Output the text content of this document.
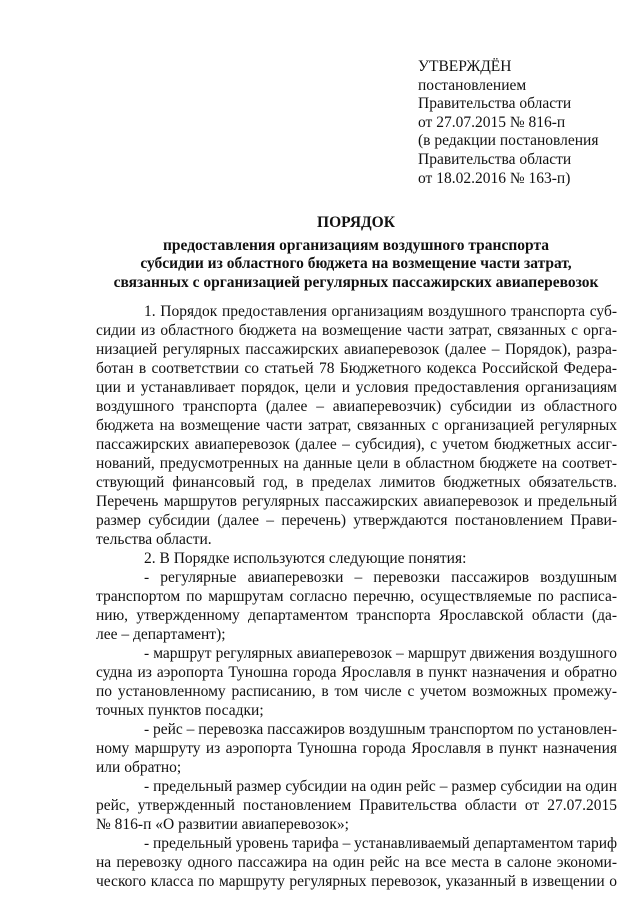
УТВЕРЖДЁН
постановлением
Правительства области
от 27.07.2015 № 816-п
(в редакции постановления
Правительства области
от 18.02.2016 № 163-п)
ПОРЯДОК
предоставления организациям воздушного транспорта
субсидии из областного бюджета на возмещение части затрат,
связанных с организацией регулярных пассажирских авиаперевозок
1. Порядок предоставления организациям воздушного транспорта суб-
сидии из областного бюджета на возмещение части затрат, связанных с орга-
низацией регулярных пассажирских авиаперевозок (далее – Порядок), разра-
ботан в соответствии со статьей 78 Бюджетного кодекса Российской Федера-
ции и устанавливает порядок, цели и условия предоставления организациям
воздушного транспорта (далее – авиаперевозчик) субсидии из областного
бюджета на возмещение части затрат, связанных с организацией регулярных
пассажирских авиаперевозок (далее – субсидия), с учетом бюджетных ассиг-
нований, предусмотренных на данные цели в областном бюджете на соответ-
ствующий финансовый год, в пределах лимитов бюджетных обязательств.
Перечень маршрутов регулярных пассажирских авиаперевозок и предельный
размер субсидии (далее – перечень) утверждаются постановлением Прави-
тельства области.
2. В Порядке используются следующие понятия:
- регулярные авиаперевозки – перевозки пассажиров воздушным
транспортом по маршрутам согласно перечню, осуществляемые по расписа-
нию, утвержденному департаментом транспорта Ярославской области (да-
лее – департамент);
- маршрут регулярных авиаперевозок – маршрут движения воздушного
судна из аэропорта Туношна города Ярославля в пункт назначения и обратно
по установленному расписанию, в том числе с учетом возможных промежу-
точных пунктов посадки;
- рейс – перевозка пассажиров воздушным транспортом по установлен-
ному маршруту из аэропорта Туношна города Ярославля в пункт назначения
или обратно;
- предельный размер субсидии на один рейс – размер субсидии на один
рейс, утвержденный постановлением Правительства области от 27.07.2015
№ 816-п «О развитии авиаперевозок»;
- предельный уровень тарифа – устанавливаемый департаментом тариф
на перевозку одного пассажира на один рейс на все места в салоне экономи-
ческого класса по маршруту регулярных перевозок, указанный в извещении о
